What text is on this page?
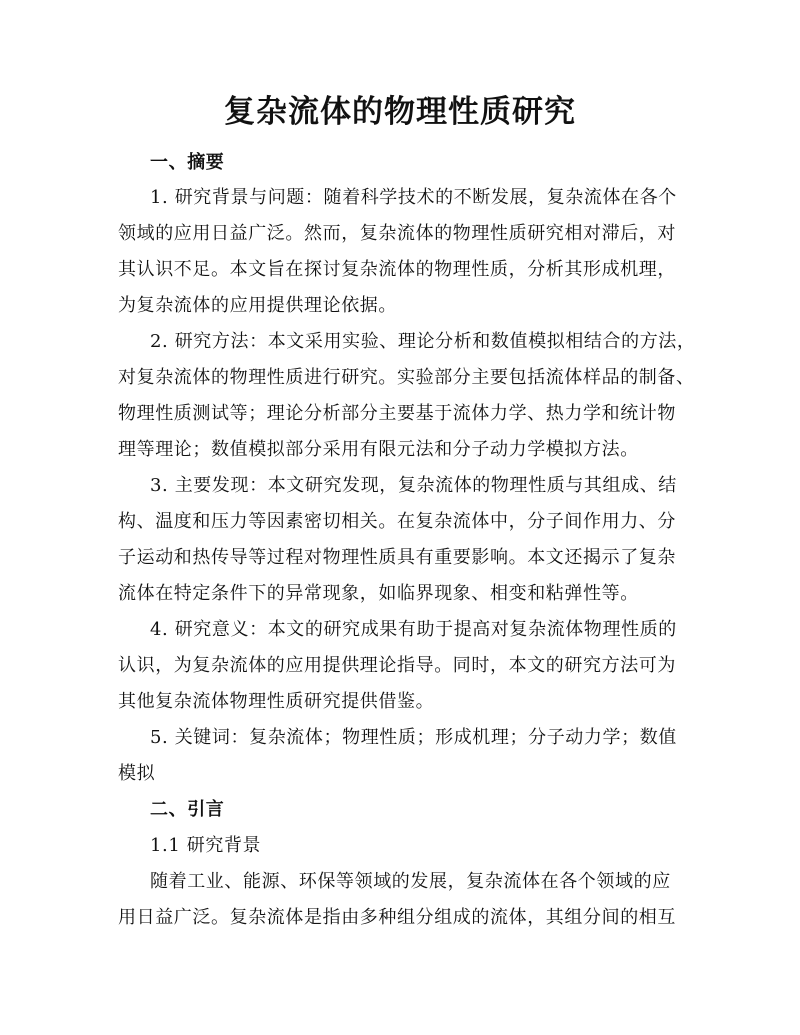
复杂流体的物理性质研究
一、摘要
1. 研究背景与问题：随着科学技术的不断发展，复杂流体在各个
领域的应用日益广泛。然而，复杂流体的物理性质研究相对滞后，对
其认识不足。本文旨在探讨复杂流体的物理性质，分析其形成机理，
为复杂流体的应用提供理论依据。
2. 研究方法：本文采用实验、理论分析和数值模拟相结合的方法，
对复杂流体的物理性质进行研究。实验部分主要包括流体样品的制备、
物理性质测试等；理论分析部分主要基于流体力学、热力学和统计物
理等理论；数值模拟部分采用有限元法和分子动力学模拟方法。
3. 主要发现：本文研究发现，复杂流体的物理性质与其组成、结
构、温度和压力等因素密切相关。在复杂流体中，分子间作用力、分
子运动和热传导等过程对物理性质具有重要影响。本文还揭示了复杂
流体在特定条件下的异常现象，如临界现象、相变和粘弹性等。
4. 研究意义：本文的研究成果有助于提高对复杂流体物理性质的
认识，为复杂流体的应用提供理论指导。同时，本文的研究方法可为
其他复杂流体物理性质研究提供借鉴。
5. 关键词：复杂流体；物理性质；形成机理；分子动力学；数值
模拟
二、引言
1.1 研究背景
随着工业、能源、环保等领域的发展，复杂流体在各个领域的应
用日益广泛。复杂流体是指由多种组分组成的流体，其组分间的相互
